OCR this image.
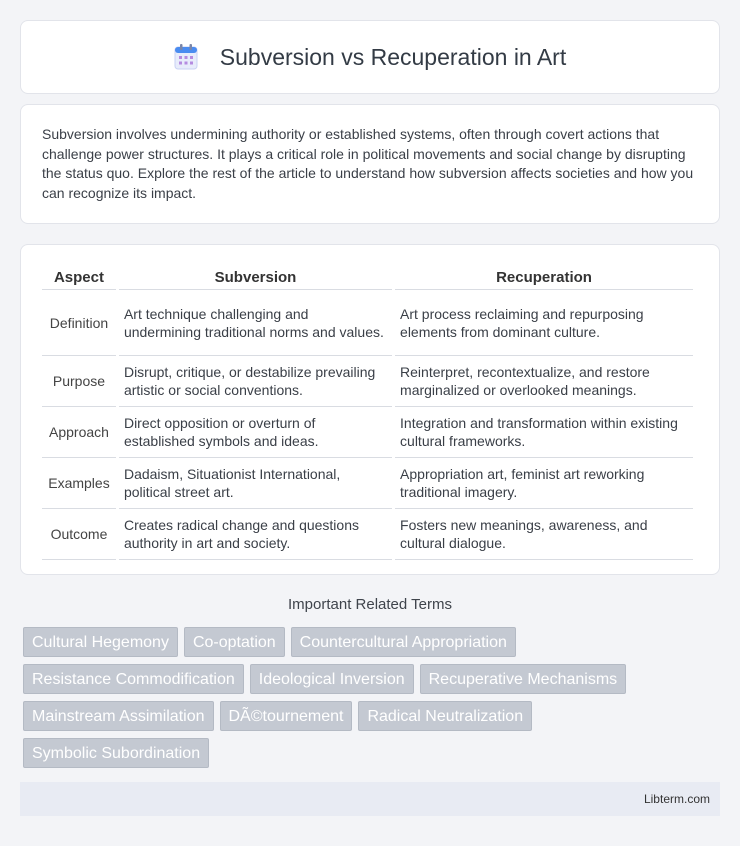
Subversion vs Recuperation in Art

Subversion involves undermining authority or established systems, often through covert actions that challenge power structures. It plays a critical role in political movements and social change by disrupting the status quo. Explore the rest of the article to understand how subversion affects societies and how you can recognize its impact.

Aspect	Subversion	Recuperation
Definition	Art technique challenging and undermining traditional norms and values.	Art process reclaiming and repurposing elements from dominant culture.
Purpose	Disrupt, critique, or destabilize prevailing artistic or social conventions.	Reinterpret, recontextualize, and restore marginalized or overlooked meanings.
Approach	Direct opposition or overturn of established symbols and ideas.	Integration and transformation within existing cultural frameworks.
Examples	Dadaism, Situationist International, political street art.	Appropriation art, feminist art reworking traditional imagery.
Outcome	Creates radical change and questions authority in art and society.	Fosters new meanings, awareness, and cultural dialogue.
Important Related Terms
Cultural Hegemony	Co-optation	Countercultural Appropriation
Resistance Commodification	Ideological Inversion	Recuperative Mechanisms
Mainstream Assimilation	DÃ©tournement	Radical Neutralization
Symbolic Subordination
Libterm.com
